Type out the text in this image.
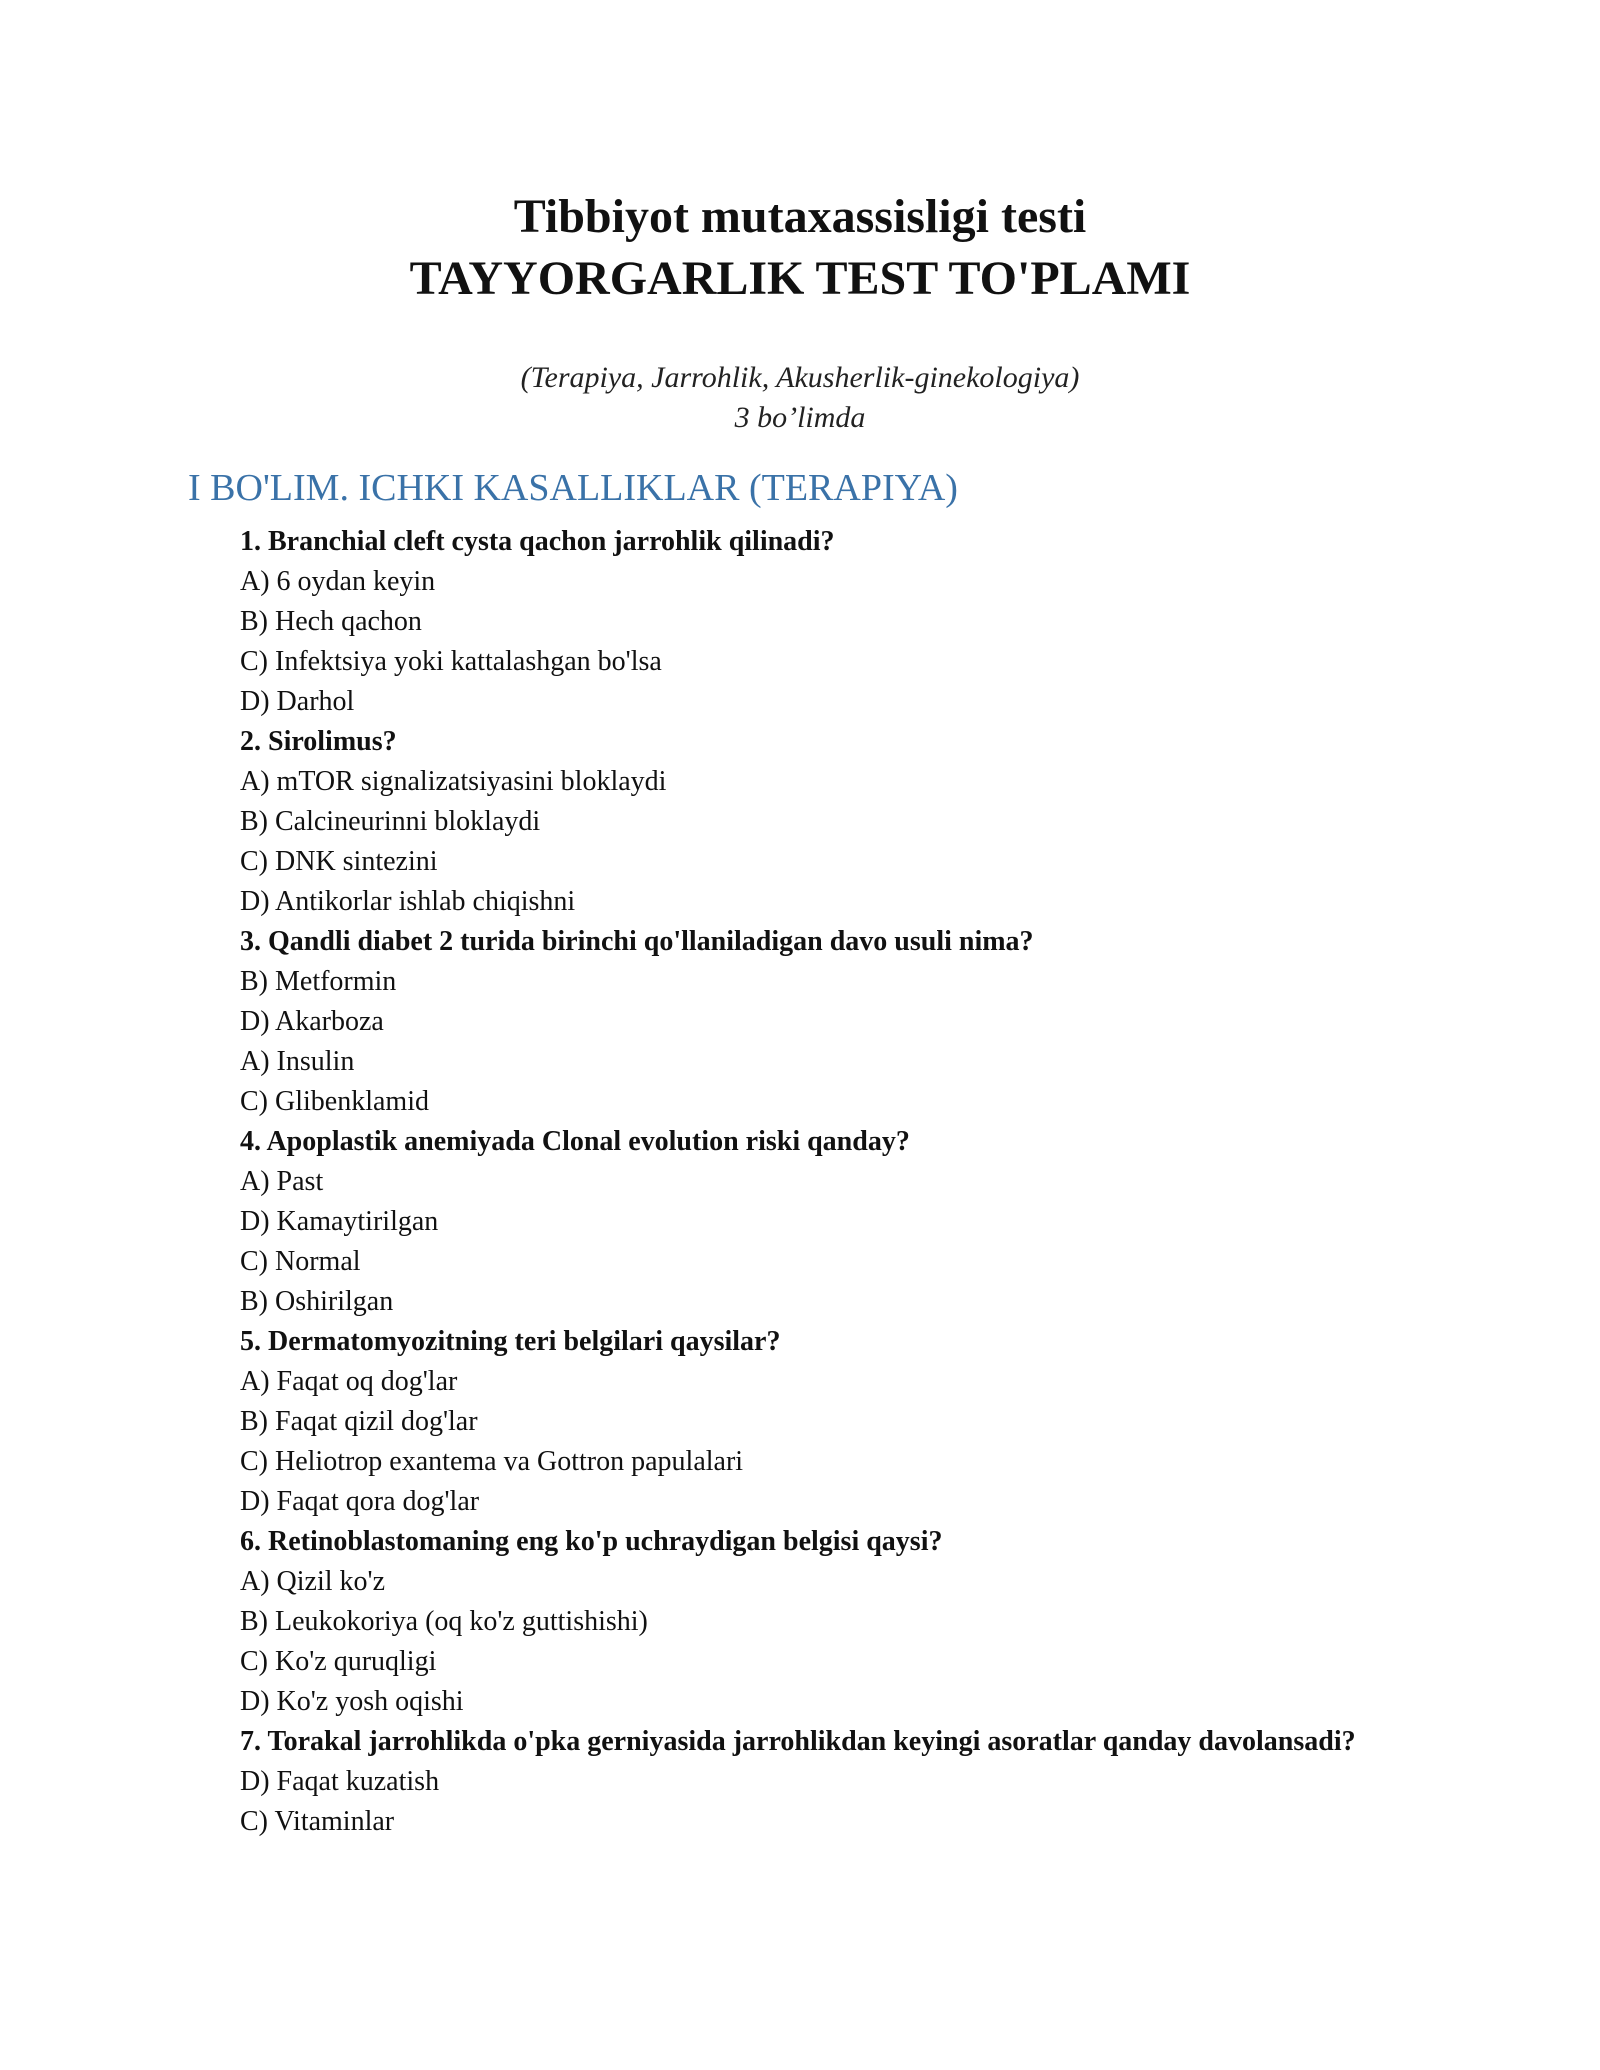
Tibbiyot mutaxassisligi testi

TAYYORGARLIK TEST TO'PLAMI

(Terapiya, Jarrohlik, Akusherlik-ginekologiya)

3 bo’limda

I BO'LIM. ICHKI KASALLIKLAR (TERAPIYA)

1. Branchial cleft cysta qachon jarrohlik qilinadi?

A) 6 oydan keyin

B) Hech qachon

C) Infektsiya yoki kattalashgan bo'lsa

D) Darhol

2. Sirolimus?

A) mTOR signalizatsiyasini bloklaydi

B) Calcineurinni bloklaydi

C) DNK sintezini

D) Antikorlar ishlab chiqishni

3. Qandli diabet 2 turida birinchi qo'llaniladigan davo usuli nima?

B) Metformin

D) Akarboza

A) Insulin

C) Glibenklamid

4. Apoplastik anemiyada Clonal evolution riski qanday?

A) Past

D) Kamaytirilgan

C) Normal

B) Oshirilgan

5. Dermatomyozitning teri belgilari qaysilar?

A) Faqat oq dog'lar

B) Faqat qizil dog'lar

C) Heliotrop exantema va Gottron papulalari

D) Faqat qora dog'lar

6. Retinoblastomaning eng ko'p uchraydigan belgisi qaysi?

A) Qizil ko'z

B) Leukokoriya (oq ko'z guttishishi)

C) Ko'z quruqligi

D) Ko'z yosh oqishi

7. Torakal jarrohlikda o'pka gerniyasida jarrohlikdan keyingi asoratlar qanday davolansadi?

D) Faqat kuzatish

C) Vitaminlar
